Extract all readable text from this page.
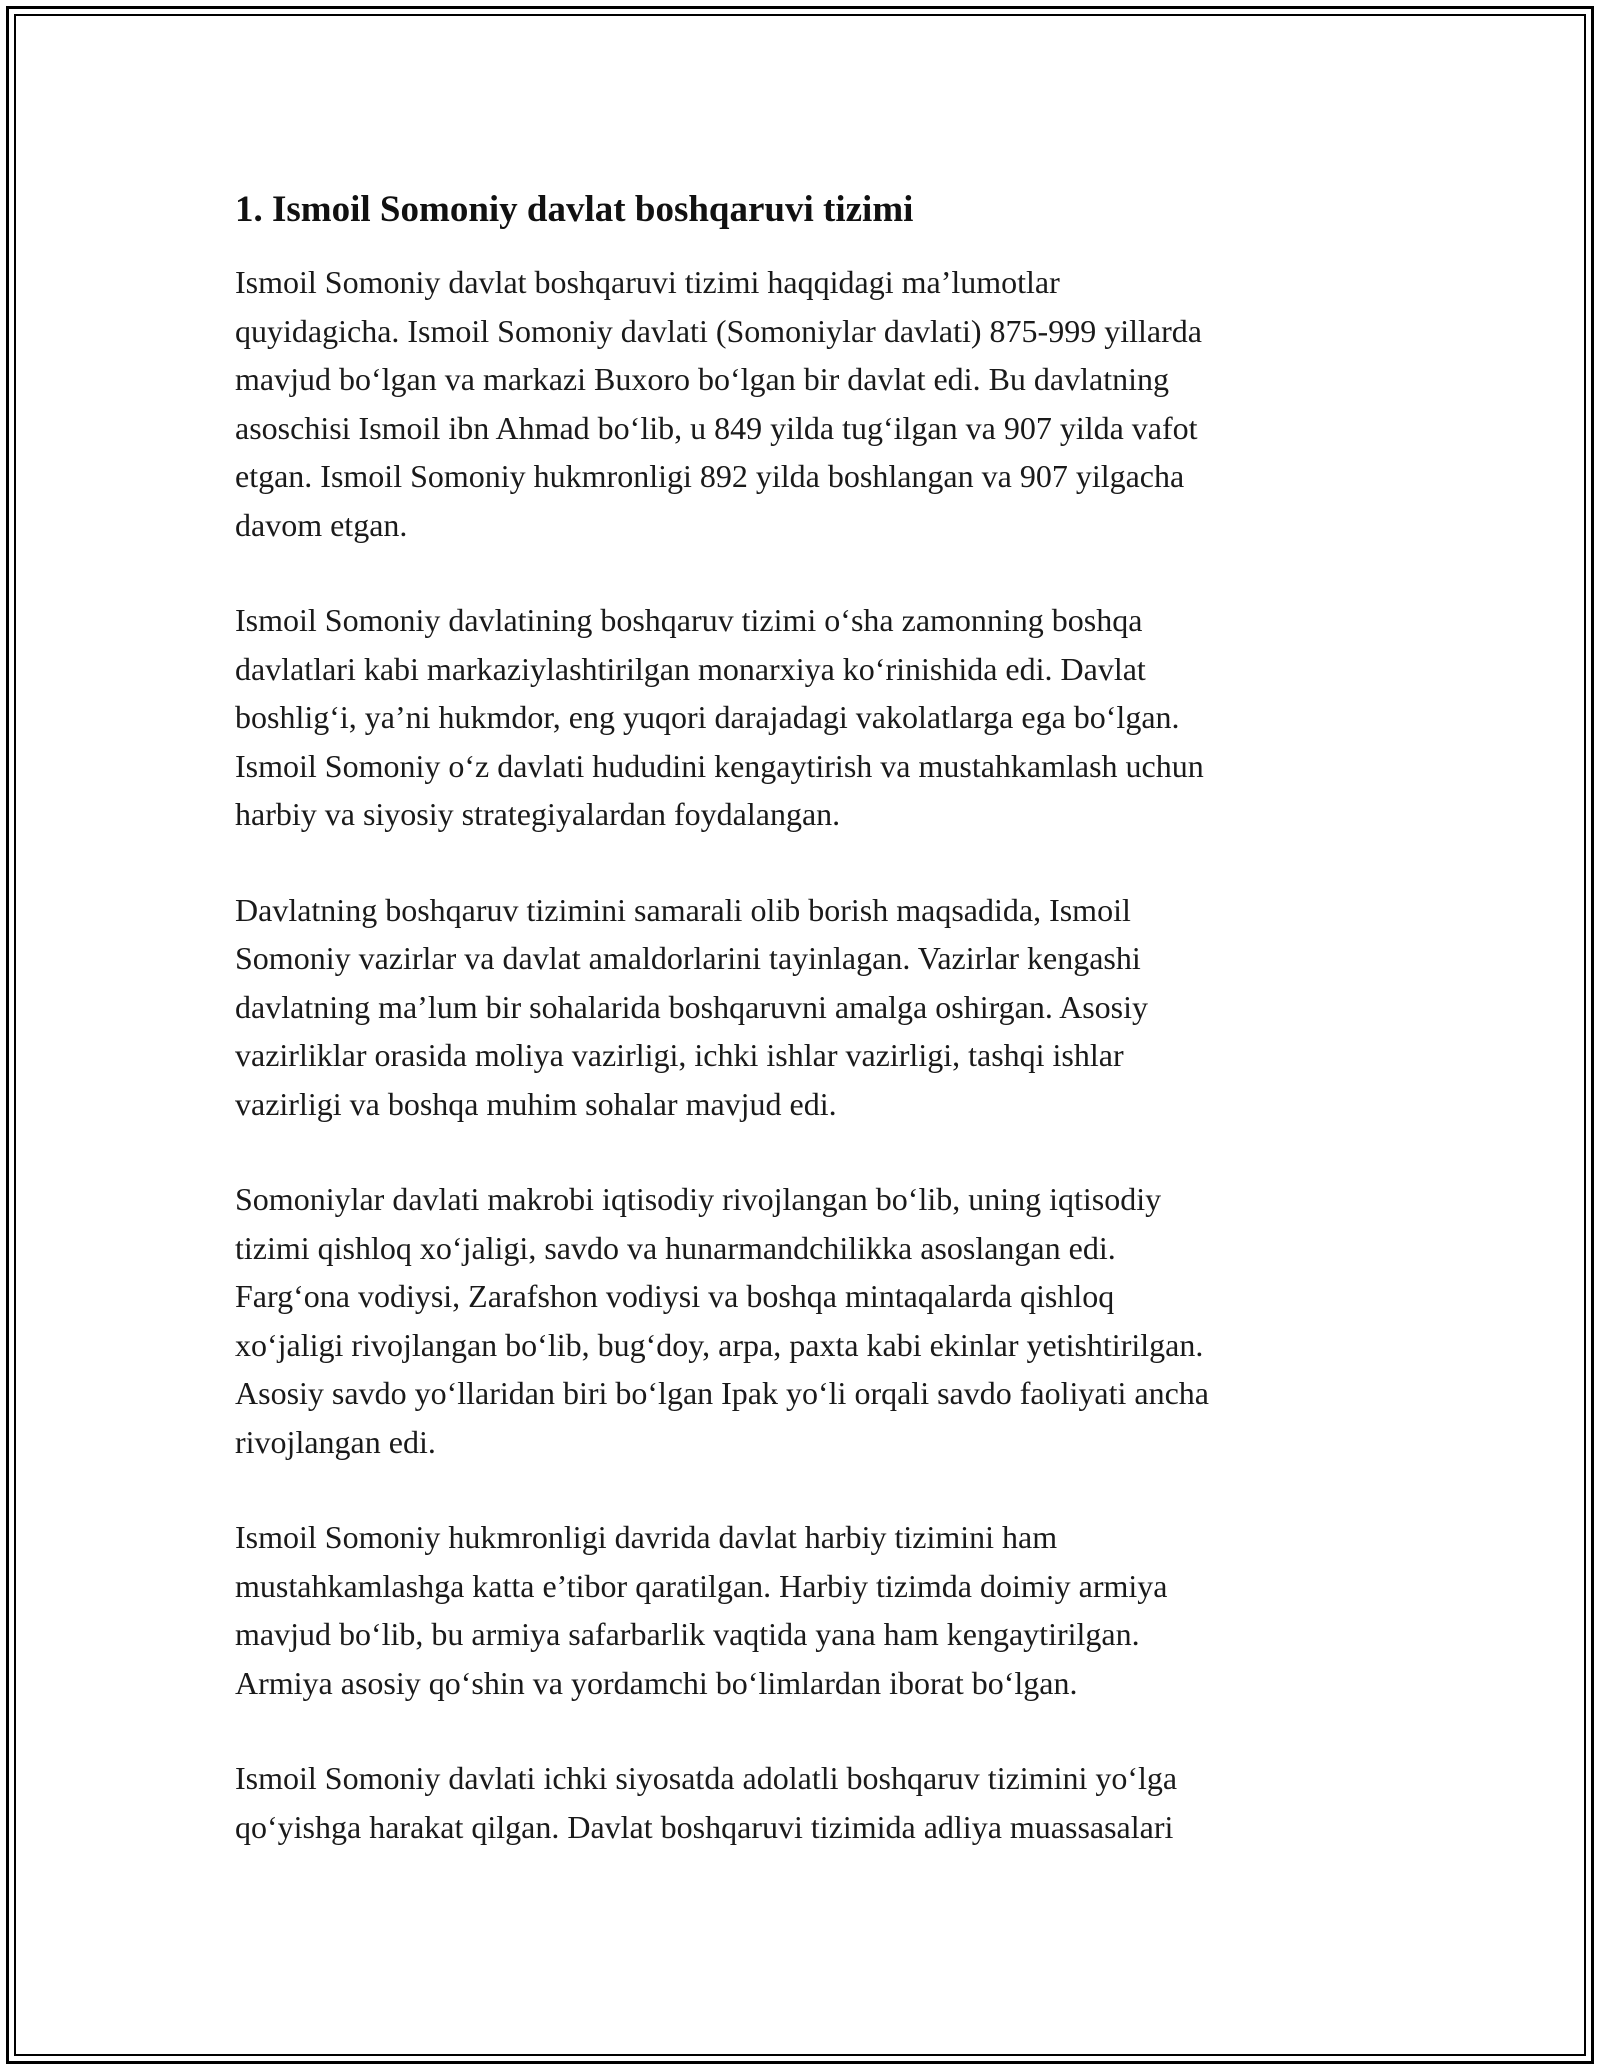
1. Ismoil Somoniy davlat boshqaruvi tizimi

Ismoil Somoniy davlat boshqaruvi tizimi haqqidagi ma’lumotlar
quyidagicha. Ismoil Somoniy davlati (Somoniylar davlati) 875-999 yillarda
mavjud bo‘lgan va markazi Buxoro bo‘lgan bir davlat edi. Bu davlatning
asoschisi Ismoil ibn Ahmad bo‘lib, u 849 yilda tug‘ilgan va 907 yilda vafot
etgan. Ismoil Somoniy hukmronligi 892 yilda boshlangan va 907 yilgacha
davom etgan.

Ismoil Somoniy davlatining boshqaruv tizimi o‘sha zamonning boshqa
davlatlari kabi markaziylashtirilgan monarxiya ko‘rinishida edi. Davlat
boshlig‘i, ya’ni hukmdor, eng yuqori darajadagi vakolatlarga ega bo‘lgan.
Ismoil Somoniy o‘z davlati hududini kengaytirish va mustahkamlash uchun
harbiy va siyosiy strategiyalardan foydalangan.

Davlatning boshqaruv tizimini samarali olib borish maqsadida, Ismoil
Somoniy vazirlar va davlat amaldorlarini tayinlagan. Vazirlar kengashi
davlatning ma’lum bir sohalarida boshqaruvni amalga oshirgan. Asosiy
vazirliklar orasida moliya vazirligi, ichki ishlar vazirligi, tashqi ishlar
vazirligi va boshqa muhim sohalar mavjud edi.

Somoniylar davlati makrobi iqtisodiy rivojlangan bo‘lib, uning iqtisodiy
tizimi qishloq xo‘jaligi, savdo va hunarmandchilikka asoslangan edi.
Farg‘ona vodiysi, Zarafshon vodiysi va boshqa mintaqalarda qishloq
xo‘jaligi rivojlangan bo‘lib, bug‘doy, arpa, paxta kabi ekinlar yetishtirilgan.
Asosiy savdo yo‘llaridan biri bo‘lgan Ipak yo‘li orqali savdo faoliyati ancha
rivojlangan edi.

Ismoil Somoniy hukmronligi davrida davlat harbiy tizimini ham
mustahkamlashga katta e’tibor qaratilgan. Harbiy tizimda doimiy armiya
mavjud bo‘lib, bu armiya safarbarlik vaqtida yana ham kengaytirilgan.
Armiya asosiy qo‘shin va yordamchi bo‘limlardan iborat bo‘lgan.

Ismoil Somoniy davlati ichki siyosatda adolatli boshqaruv tizimini yo‘lga
qo‘yishga harakat qilgan. Davlat boshqaruvi tizimida adliya muassasalari
